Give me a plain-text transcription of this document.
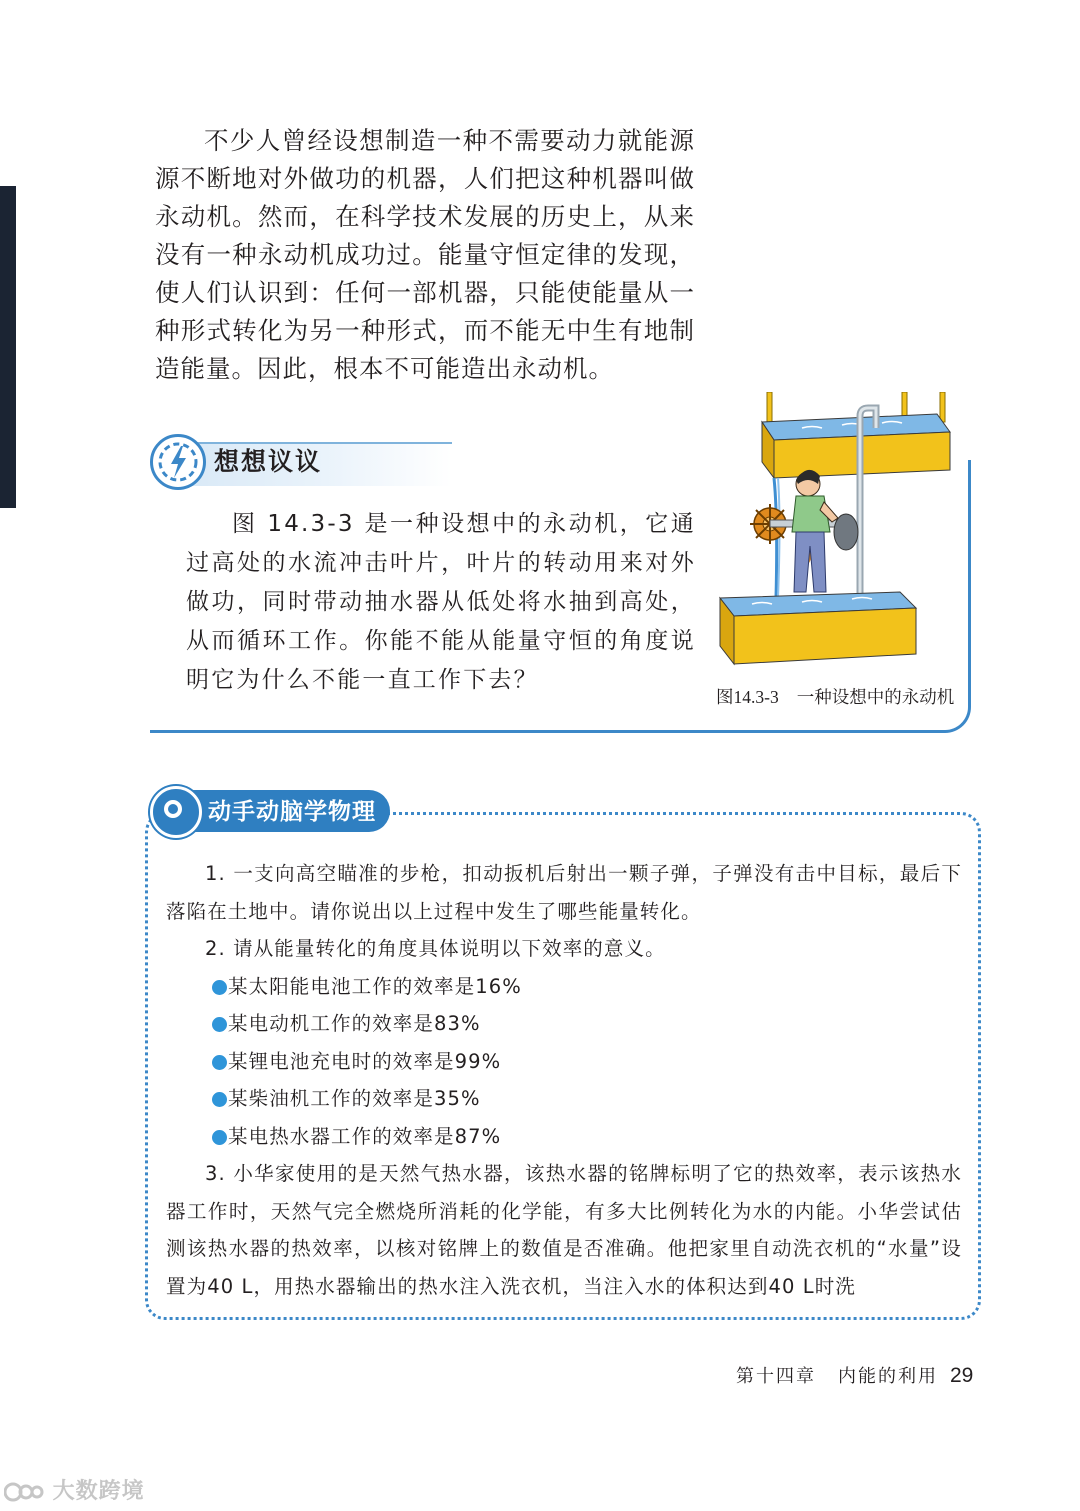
不少人曾经设想制造一种不需要动力就能源源不断地对外做功的机器，人们把这种机器叫做永动机。然而，在科学技术发展的历史上，从来没有一种永动机成功过。能量守恒定律的发现，使人们认识到：任何一部机器，只能使能量从一种形式转化为另一种形式，而不能无中生有地制造能量。因此，根本不可能造出永动机。

想想议议

图 14.3-3 是一种设想中的永动机，它通过高处的水流冲击叶片，叶片的转动用来对外做功，同时带动抽水器从低处将水抽到高处，从而循环工作。你能不能从能量守恒的角度说明它为什么不能一直工作下去？

图14.3-3 一种设想中的永动机
动手动脑学物理

1. 一支向高空瞄准的步枪，扣动扳机后射出一颗子弹，子弹没有击中目标，最后下落陷在土地中。请你说出以上过程中发生了哪些能量转化。

2. 请从能量转化的角度具体说明以下效率的意义。

某太阳能电池工作的效率是16%

某电动机工作的效率是83%

某锂电池充电时的效率是99%

某柴油机工作的效率是35%

某电热水器工作的效率是87%

3. 小华家使用的是天然气热水器，该热水器的铭牌标明了它的热效率，表示该热水器工作时，天然气完全燃烧所消耗的化学能，有多大比例转化为水的内能。小华尝试估测该热水器的热效率，以核对铭牌上的数值是否准确。他把家里自动洗衣机的“水量”设置为40 L，用热水器输出的热水注入洗衣机，当注入水的体积达到40 L时洗

第十四章 内能的利用 29
大数跨境
